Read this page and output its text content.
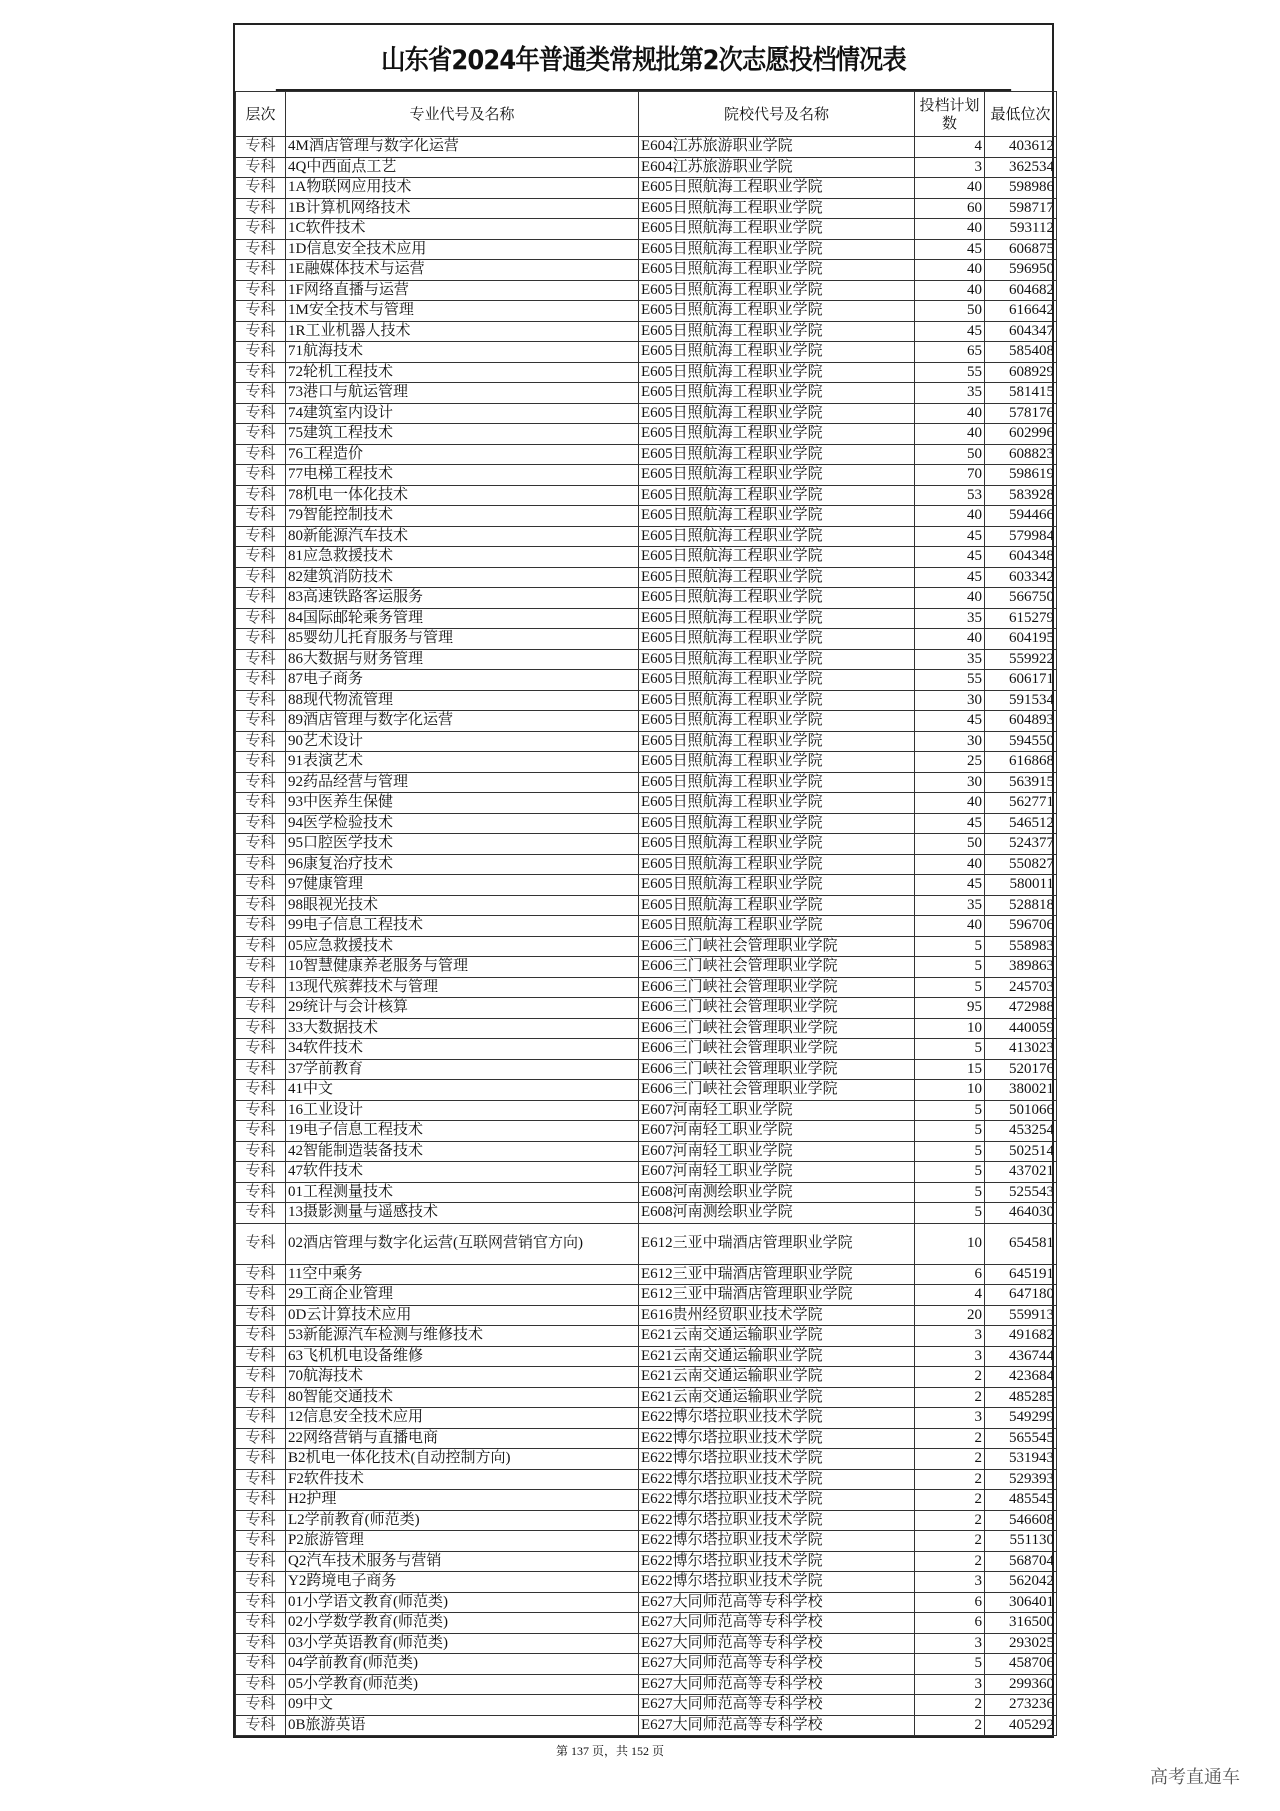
山东省2024年普通类常规批第2次志愿投档情况表
层次	专业代号及名称	院校代号及名称	投档计划数	最低位次
专科	4M酒店管理与数字化运营	E604江苏旅游职业学院	4	403612
专科	4Q中西面点工艺	E604江苏旅游职业学院	3	362534
专科	1A物联网应用技术	E605日照航海工程职业学院	40	598986
专科	1B计算机网络技术	E605日照航海工程职业学院	60	598717
专科	1C软件技术	E605日照航海工程职业学院	40	593112
专科	1D信息安全技术应用	E605日照航海工程职业学院	45	606875
专科	1E融媒体技术与运营	E605日照航海工程职业学院	40	596950
专科	1F网络直播与运营	E605日照航海工程职业学院	40	604682
专科	1M安全技术与管理	E605日照航海工程职业学院	50	616642
专科	1R工业机器人技术	E605日照航海工程职业学院	45	604347
专科	71航海技术	E605日照航海工程职业学院	65	585408
专科	72轮机工程技术	E605日照航海工程职业学院	55	608929
专科	73港口与航运管理	E605日照航海工程职业学院	35	581415
专科	74建筑室内设计	E605日照航海工程职业学院	40	578176
专科	75建筑工程技术	E605日照航海工程职业学院	40	602996
专科	76工程造价	E605日照航海工程职业学院	50	608823
专科	77电梯工程技术	E605日照航海工程职业学院	70	598619
专科	78机电一体化技术	E605日照航海工程职业学院	53	583928
专科	79智能控制技术	E605日照航海工程职业学院	40	594466
专科	80新能源汽车技术	E605日照航海工程职业学院	45	579984
专科	81应急救援技术	E605日照航海工程职业学院	45	604348
专科	82建筑消防技术	E605日照航海工程职业学院	45	603342
专科	83高速铁路客运服务	E605日照航海工程职业学院	40	566750
专科	84国际邮轮乘务管理	E605日照航海工程职业学院	35	615279
专科	85婴幼儿托育服务与管理	E605日照航海工程职业学院	40	604195
专科	86大数据与财务管理	E605日照航海工程职业学院	35	559922
专科	87电子商务	E605日照航海工程职业学院	55	606171
专科	88现代物流管理	E605日照航海工程职业学院	30	591534
专科	89酒店管理与数字化运营	E605日照航海工程职业学院	45	604893
专科	90艺术设计	E605日照航海工程职业学院	30	594550
专科	91表演艺术	E605日照航海工程职业学院	25	616868
专科	92药品经营与管理	E605日照航海工程职业学院	30	563915
专科	93中医养生保健	E605日照航海工程职业学院	40	562771
专科	94医学检验技术	E605日照航海工程职业学院	45	546512
专科	95口腔医学技术	E605日照航海工程职业学院	50	524377
专科	96康复治疗技术	E605日照航海工程职业学院	40	550827
专科	97健康管理	E605日照航海工程职业学院	45	580011
专科	98眼视光技术	E605日照航海工程职业学院	35	528818
专科	99电子信息工程技术	E605日照航海工程职业学院	40	596706
专科	05应急救援技术	E606三门峡社会管理职业学院	5	558983
专科	10智慧健康养老服务与管理	E606三门峡社会管理职业学院	5	389863
专科	13现代殡葬技术与管理	E606三门峡社会管理职业学院	5	245703
专科	29统计与会计核算	E606三门峡社会管理职业学院	95	472988
专科	33大数据技术	E606三门峡社会管理职业学院	10	440059
专科	34软件技术	E606三门峡社会管理职业学院	5	413023
专科	37学前教育	E606三门峡社会管理职业学院	15	520176
专科	41中文	E606三门峡社会管理职业学院	10	380021
专科	16工业设计	E607河南轻工职业学院	5	501066
专科	19电子信息工程技术	E607河南轻工职业学院	5	453254
专科	42智能制造装备技术	E607河南轻工职业学院	5	502514
专科	47软件技术	E607河南轻工职业学院	5	437021
专科	01工程测量技术	E608河南测绘职业学院	5	525543
专科	13摄影测量与遥感技术	E608河南测绘职业学院	5	464030
专科	02酒店管理与数字化运营(互联网营销官方向)	E612三亚中瑞酒店管理职业学院	10	654581
专科	11空中乘务	E612三亚中瑞酒店管理职业学院	6	645191
专科	29工商企业管理	E612三亚中瑞酒店管理职业学院	4	647180
专科	0D云计算技术应用	E616贵州经贸职业技术学院	20	559913
专科	53新能源汽车检测与维修技术	E621云南交通运输职业学院	3	491682
专科	63飞机机电设备维修	E621云南交通运输职业学院	3	436744
专科	70航海技术	E621云南交通运输职业学院	2	423684
专科	80智能交通技术	E621云南交通运输职业学院	2	485285
专科	12信息安全技术应用	E622博尔塔拉职业技术学院	3	549299
专科	22网络营销与直播电商	E622博尔塔拉职业技术学院	2	565545
专科	B2机电一体化技术(自动控制方向)	E622博尔塔拉职业技术学院	2	531943
专科	F2软件技术	E622博尔塔拉职业技术学院	2	529393
专科	H2护理	E622博尔塔拉职业技术学院	2	485545
专科	L2学前教育(师范类)	E622博尔塔拉职业技术学院	2	546608
专科	P2旅游管理	E622博尔塔拉职业技术学院	2	551130
专科	Q2汽车技术服务与营销	E622博尔塔拉职业技术学院	2	568704
专科	Y2跨境电子商务	E622博尔塔拉职业技术学院	3	562042
专科	01小学语文教育(师范类)	E627大同师范高等专科学校	6	306401
专科	02小学数学教育(师范类)	E627大同师范高等专科学校	6	316500
专科	03小学英语教育(师范类)	E627大同师范高等专科学校	3	293025
专科	04学前教育(师范类)	E627大同师范高等专科学校	5	458706
专科	05小学教育(师范类)	E627大同师范高等专科学校	3	299360
专科	09中文	E627大同师范高等专科学校	2	273236
专科	0B旅游英语	E627大同师范高等专科学校	2	405292
第 137 页，共 152 页
高考直通车
